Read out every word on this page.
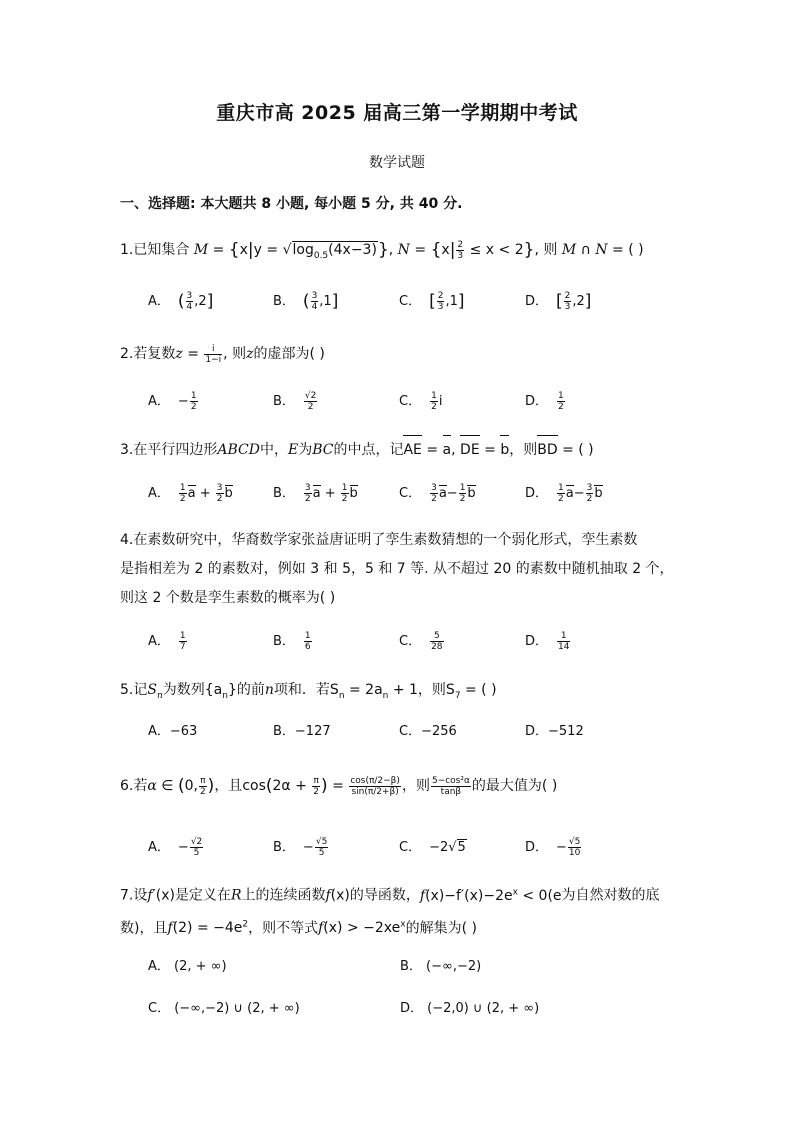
重庆市高 2025 届高三第一学期期中考试
数学试题
一、选择题: 本大题共 8 小题, 每小题 5 分, 共 40 分.
1.已知集合 $M = \{x|y = √\log_{0.5}(4x-3)\}$, $N = \{x| \frac{2}{3} \le x < 2\}$, 则 M ∩ N = ( )
A． ( $\frac{3}{4} ,2$]	B． ( $\frac{3}{4} ,1$]	C． [ $\frac{2}{3} ,1$]	D． [ $\frac{2}{3} ,2$]
2.若复数$z = \frac{i}{1-i}$ , 则z的虚部为( )
A． − $\frac{1}{2}$	B． $\frac{√2}{2}$	C． $\frac{1}{2}$ i	D． $\frac{1}{2}$
3.在平行四边形ABCD中，E为BC的中点，记AE = a, DE = b，则BD = ( )
A． $\frac{1}{2}$ $a + \frac{3}{2}$ b	B． $\frac{3}{2}$ $a + \frac{1}{2}$ b	C． $\frac{3}{2} a- \frac{1}{2}$ b	D． $\frac{1}{2} a- \frac{3}{2}$ b
4.在素数研究中，华裔数学家张益唐证明了孪生素数猜想的一个弱化形式，孪生素数
是指相差为 2 的素数对，例如 3 和 5，5 和 7 等. 从不超过 20 的素数中随机抽取 2 个，
则这 2 个数是孪生素数的概率为( )
A． $\frac{1}{7}$	B． $\frac{1}{6}$	C． $\frac{5}{28}$	D． $\frac{1}{14}$
5.记$S_n$为数列$\{a_n\}$的前n项和．若$S_n = 2a_n + 1$，则$S_7$ = ( )
A．−63	B．−127	C．−256	D．−512
6.若α ∈ (0, $\frac{\pi}{2}$ )，且$\cos(2\alpha + \frac{\pi}{2}$ ) = $\frac{\cos(\pi/2-\beta)}{\sin(\pi/2+\beta)}$ ，则 $\frac{\text{5−cos²α}}{\tan\beta}$ 的最大值为( )
A． − $\frac{√2}{5}$	B． − $\frac{√5}{5}$	C． −2√5	D． − $\frac{√5}{10}$
7.设f′(x)是定义在R上的连续函数f(x)的导函数，$f(x)-f'(x)-2e^x < 0(e$为自然对数的底
数)，且$f(2) = -4e^2$，则不等式$f(x) > -2xe^x$的解集为( )
A． (2, + ∞)	B． (−∞,−2)
C． (−∞,−2) ∪ (2, + ∞)	D． (−2,0) ∪ (2, + ∞)
